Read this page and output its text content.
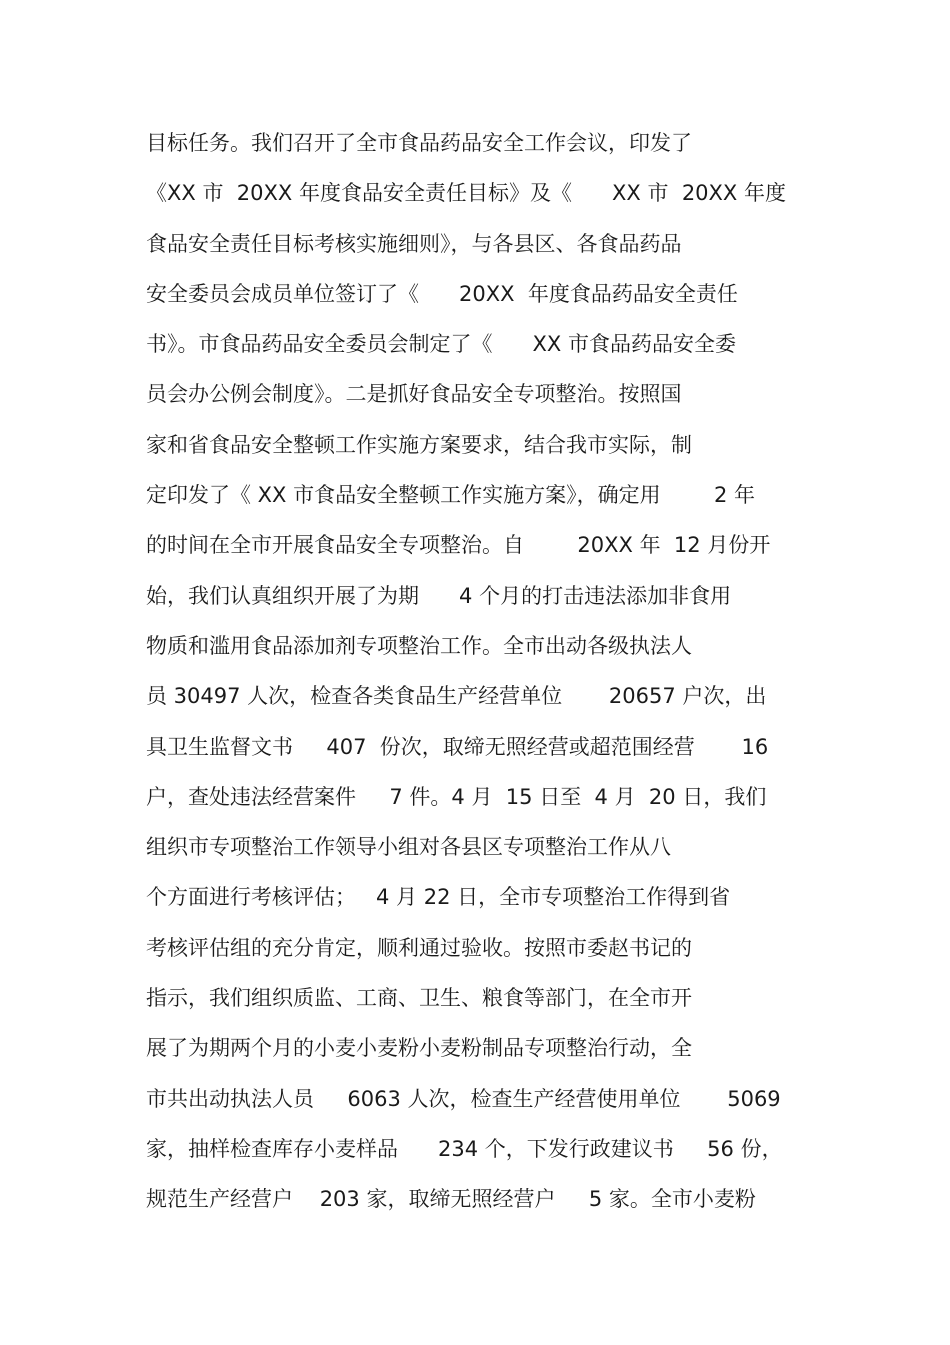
目标任务。我们召开了全市食品药品安全工作会议，印发了
《XX 市  20XX 年度食品安全责任目标》及《      XX 市  20XX 年度
食品安全责任目标考核实施细则》，与各县区、各食品药品
安全委员会成员单位签订了《      20XX  年度食品药品安全责任
书》。市食品药品安全委员会制定了《      XX 市食品药品安全委
员会办公例会制度》。二是抓好食品安全专项整治。按照国
家和省食品安全整顿工作实施方案要求，结合我市实际，制
定印发了《 XX 市食品安全整顿工作实施方案》，确定用        2 年
的时间在全市开展食品安全专项整治。自        20XX 年  12 月份开
始，我们认真组织开展了为期      4 个月的打击违法添加非食用
物质和滥用食品添加剂专项整治工作。全市出动各级执法人
员 30497 人次，检查各类食品生产经营单位       20657 户次，出
具卫生监督文书     407  份次，取缔无照经营或超范围经营       16
户，查处违法经营案件     7 件。4 月  15 日至  4 月  20 日，我们
组织市专项整治工作领导小组对各县区专项整治工作从八
个方面进行考核评估；   4 月 22 日，全市专项整治工作得到省
考核评估组的充分肯定，顺利通过验收。按照市委赵书记的
指示，我们组织质监、工商、卫生、粮食等部门，在全市开
展了为期两个月的小麦小麦粉小麦粉制品专项整治行动，全
市共出动执法人员     6063 人次，检查生产经营使用单位       5069
家，抽样检查库存小麦样品      234 个，下发行政建议书     56 份，
规范生产经营户    203 家，取缔无照经营户     5 家。全市小麦粉
